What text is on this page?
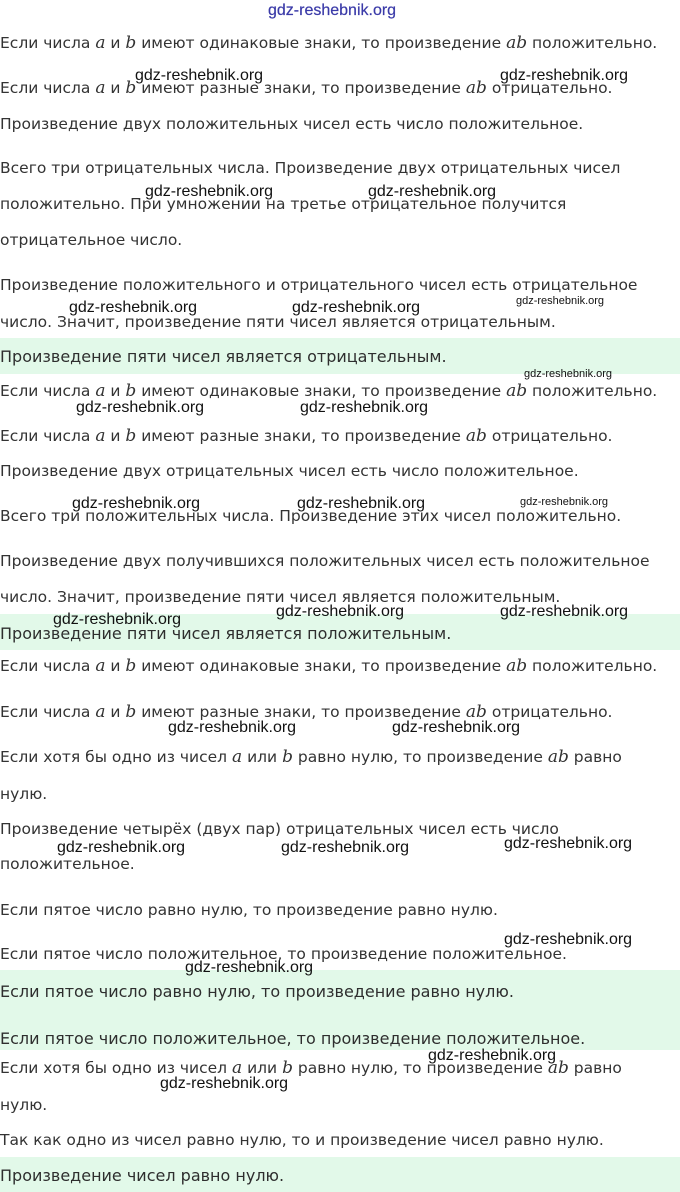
Если числа a и b имеют одинаковые знаки, то произведение ab положительно.
Если числа a и b имеют разные знаки, то произведение ab отрицательно.
Произведение двух положительных чисел есть число положительное.
Всего три отрицательных числа. Произведение двух отрицательных чисел
положительно. При умножении на третье отрицательное получится
отрицательное число.
Произведение положительного и отрицательного чисел есть отрицательное
число. Значит, произведение пяти чисел является отрицательным.
Произведение пяти чисел является отрицательным.
Если числа a и b имеют одинаковые знаки, то произведение ab положительно.
Если числа a и b имеют разные знаки, то произведение ab отрицательно.
Произведение двух отрицательных чисел есть число положительное.
Всего три положительных числа. Произведение этих чисел положительно.
Произведение двух получившихся положительных чисел есть положительное
число. Значит, произведение пяти чисел является положительным.
Произведение пяти чисел является положительным.
Если числа a и b имеют одинаковые знаки, то произведение ab положительно.
Если числа a и b имеют разные знаки, то произведение ab отрицательно.
Если хотя бы одно из чисел a или b равно нулю, то произведение ab равно
нулю.
Произведение четырёх (двух пар) отрицательных чисел есть число
положительное.
Если пятое число равно нулю, то произведение равно нулю.
Если пятое число положительное, то произведение положительное.
Если пятое число равно нулю, то произведение равно нулю.
Если пятое число положительное, то произведение положительное.
Если хотя бы одно из чисел a или b равно нулю, то произведение ab равно
нулю.
Так как одно из чисел равно нулю, то и произведение чисел равно нулю.
Произведение чисел равно нулю.
gdz-reshebnik.org
gdz-reshebnik.org	gdz-reshebnik.org
gdz-reshebnik.org	gdz-reshebnik.org
gdz-reshebnik.org	gdz-reshebnik.org	gdz-reshebnik.org
gdz-reshebnik.org
gdz-reshebnik.org	gdz-reshebnik.org
gdz-reshebnik.org	gdz-reshebnik.org	gdz-reshebnik.org
gdz-reshebnik.org	gdz-reshebnik.org	gdz-reshebnik.org
gdz-reshebnik.org	gdz-reshebnik.org
gdz-reshebnik.org	gdz-reshebnik.org	gdz-reshebnik.org
gdz-reshebnik.org
gdz-reshebnik.org
gdz-reshebnik.org
gdz-reshebnik.org
